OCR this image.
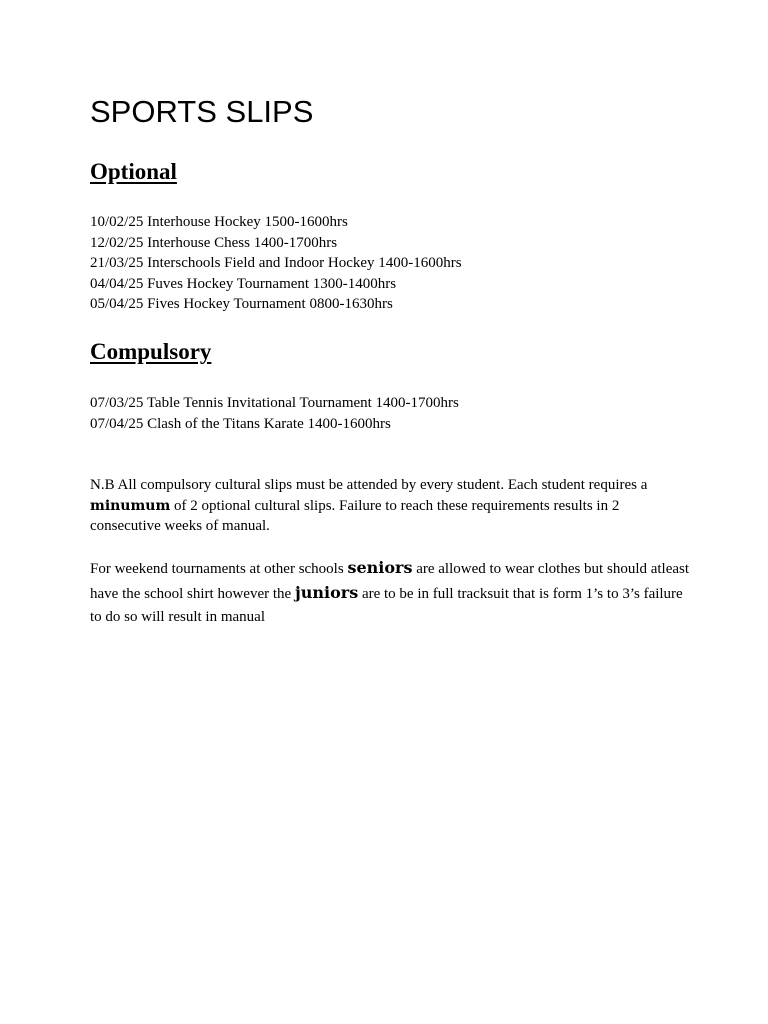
SPORTS SLIPS
Optional
10/02/25 Interhouse Hockey 1500-1600hrs
12/02/25 Interhouse Chess 1400-1700hrs
21/03/25 Interschools Field and Indoor Hockey 1400-1600hrs
04/04/25 Fuves Hockey Tournament 1300-1400hrs
05/04/25 Fives Hockey Tournament 0800-1630hrs
Compulsory
07/03/25 Table Tennis Invitational Tournament 1400-1700hrs
07/04/25 Clash of the Titans Karate 1400-1600hrs

N.B All compulsory cultural slips must be attended by every student. Each student requires a minumum of 2 optional cultural slips. Failure to reach these requirements results in 2 consecutive weeks of manual.

For weekend tournaments at other schools seniors are allowed to wear clothes but should atleast have the school shirt however the juniors are to be in full tracksuit that is form 1’s to 3’s failure to do so will result in manual
